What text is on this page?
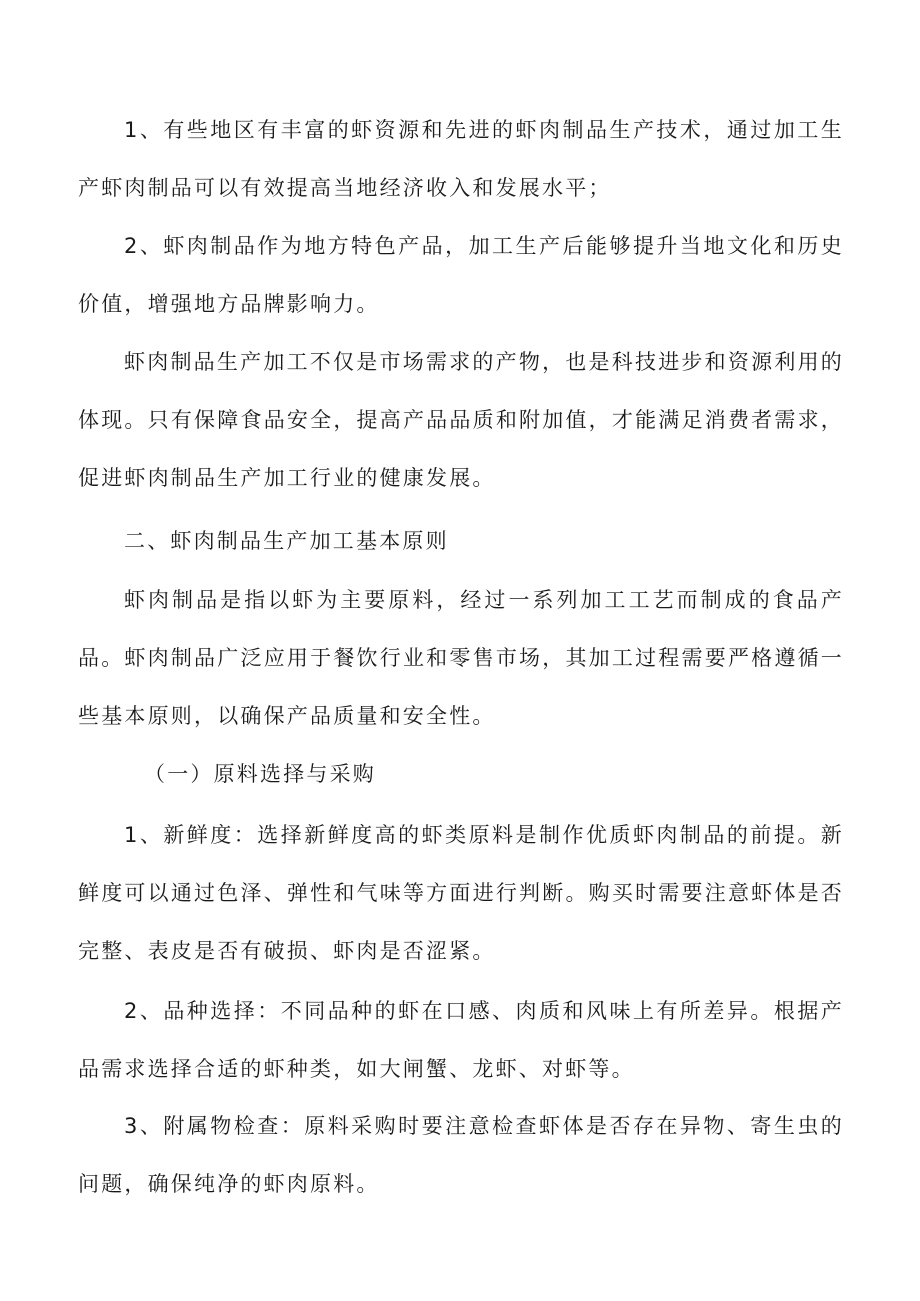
1、有些地区有丰富的虾资源和先进的虾肉制品生产技术，通过加工生产虾肉制品可以有效提高当地经济收入和发展水平；

2、虾肉制品作为地方特色产品，加工生产后能够提升当地文化和历史价值，增强地方品牌影响力。

虾肉制品生产加工不仅是市场需求的产物，也是科技进步和资源利用的体现。只有保障食品安全，提高产品品质和附加值，才能满足消费者需求，促进虾肉制品生产加工行业的健康发展。

二、虾肉制品生产加工基本原则

虾肉制品是指以虾为主要原料，经过一系列加工工艺而制成的食品产品。虾肉制品广泛应用于餐饮行业和零售市场，其加工过程需要严格遵循一些基本原则，以确保产品质量和安全性。

（一）原料选择与采购

1、新鲜度：选择新鲜度高的虾类原料是制作优质虾肉制品的前提。新鲜度可以通过色泽、弹性和气味等方面进行判断。购买时需要注意虾体是否完整、表皮是否有破损、虾肉是否涩紧。

2、品种选择：不同品种的虾在口感、肉质和风味上有所差异。根据产品需求选择合适的虾种类，如大闸蟹、龙虾、对虾等。

3、附属物检查：原料采购时要注意检查虾体是否存在异物、寄生虫的问题，确保纯净的虾肉原料。
